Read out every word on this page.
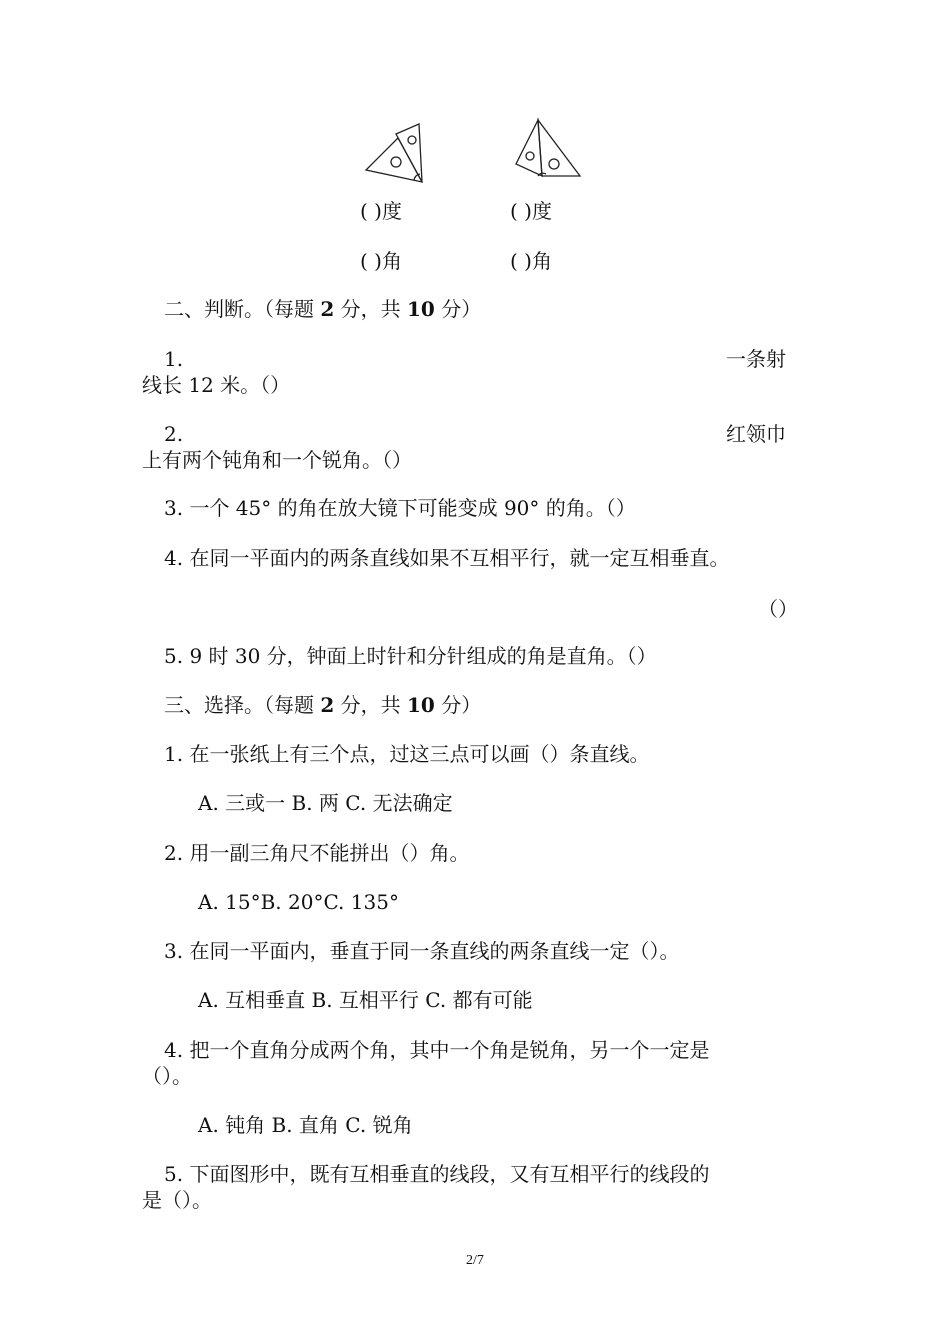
( )度	( )度
( )角	( )角
二、判断。（每题 2 分，共 10 分）
1.	一条射
线长 12 米。（）
2.	红领巾
上有两个钝角和一个锐角。（）
3. 一个 45° 的角在放大镜下可能变成 90° 的角。（）
4. 在同一平面内的两条直线如果不互相平行，就一定互相垂直。
（）
5. 9 时 30 分，钟面上时针和分针组成的角是直角。（）
三、选择。（每题 2 分，共 10 分）
1. 在一张纸上有三个点，过这三点可以画（）条直线。
A. 三或一 B. 两 C. 无法确定
2. 用一副三角尺不能拼出（）角。
A. 15°B. 20°C. 135°
3. 在同一平面内，垂直于同一条直线的两条直线一定（）。
A. 互相垂直 B. 互相平行 C. 都有可能
4. 把一个直角分成两个角，其中一个角是锐角，另一个一定是
（）。
A. 钝角 B. 直角 C. 锐角
5. 下面图形中，既有互相垂直的线段，又有互相平行的线段的
是（）。
2/7
